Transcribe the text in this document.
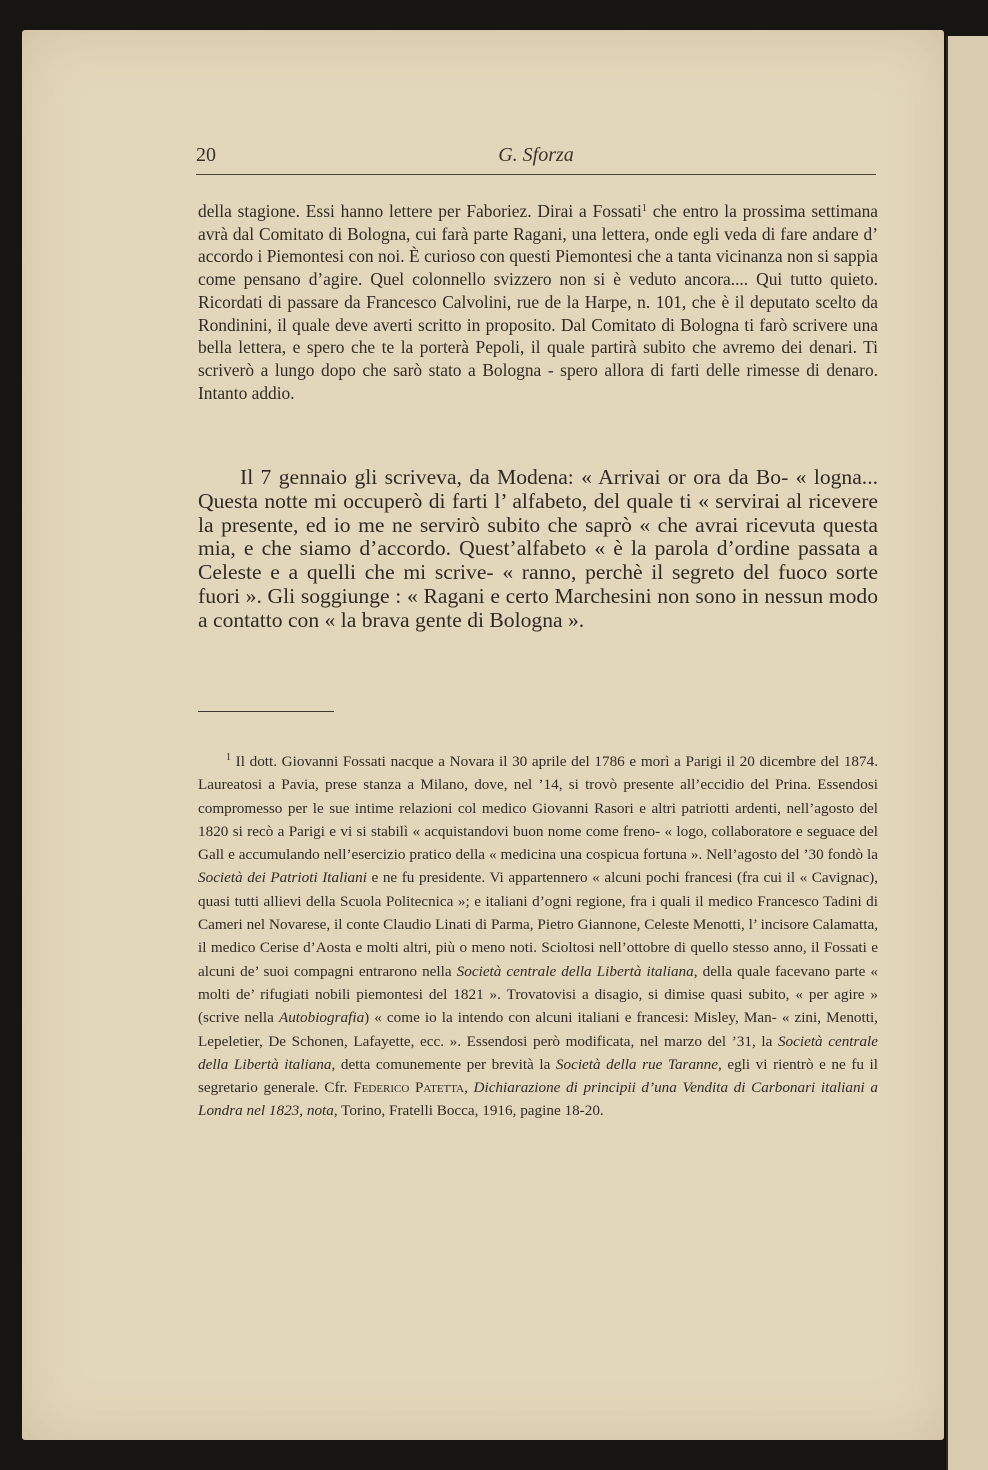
20	G. Sforza
della stagione. Essi hanno lettere per Faboriez. Dirai a Fossati$^1$ che entro la prossima settimana avrà dal Comitato di Bologna, cui farà parte Ragani, una lettera, onde egli veda di fare andare d’ accordo i Piemontesi con noi. È curioso con questi Piemontesi che a tanta vicinanza non si sappia come pensano d’agire. Quel colonnello svizzero non si è veduto ancora.... Qui tutto quieto. Ricordati di passare da Francesco Calvolini, rue de la Harpe, n. 101, che è il deputato scelto da Rondinini, il quale deve averti scritto in proposito. Dal Comitato di Bologna ti farò scrivere una bella lettera, e spero che te la porterà Pepoli, il quale partirà subito che avremo dei denari. Ti scriverò a lungo dopo che sarò stato a Bologna - spero allora di farti delle rimesse di denaro. Intanto addio.
Il 7 gennaio gli scriveva, da Modena: « Arrivai or ora da Bo- « logna... Questa notte mi occuperò di farti l’ alfabeto, del quale ti « servirai al ricevere la presente, ed io me ne servirò subito che saprò « che avrai ricevuta questa mia, e che siamo d’accordo. Quest’alfabeto « è la parola d’ordine passata a Celeste e a quelli che mi scrive- « ranno, perchè il segreto del fuoco sorte fuori ». Gli soggiunge : « Ragani e certo Marchesini non sono in nessun modo a contatto con « la brava gente di Bologna ».
$^1$ Il dott. Giovanni Fossati nacque a Novara il 30 aprile del 1786 e morì a Parigi il 20 dicembre del 1874. Laureatosi a Pavia, prese stanza a Milano, dove, nel ’14, si trovò presente all’eccidio del Prina. Essendosi compromesso per le sue intime relazioni col medico Giovanni Rasori e altri patriotti ardenti, nell’agosto del 1820 si recò a Parigi e vi si stabilì « acquistandovi buon nome come freno- « logo, collaboratore e seguace del Gall e accumulando nell’esercizio pratico della « medicina una cospicua fortuna ». Nell’agosto del ’30 fondò la Società dei Patrioti Italiani e ne fu presidente. Vi appartennero « alcuni pochi francesi (fra cui il « Cavignac), quasi tutti allievi della Scuola Politecnica »; e italiani d’ogni regione, fra i quali il medico Francesco Tadini di Cameri nel Novarese, il conte Claudio Linati di Parma, Pietro Giannone, Celeste Menotti, l’ incisore Calamatta, il medico Cerise d’Aosta e molti altri, più o meno noti. Scioltosi nell’ottobre di quello stesso anno, il Fossati e alcuni de’ suoi compagni entrarono nella Società centrale della Libertà italiana, della quale facevano parte « molti de’ rifugiati nobili piemontesi del 1821 ». Trovatovisi a disagio, si dimise quasi subito, « per agire » (scrive nella Autobiografia) « come io la intendo con alcuni italiani e francesi: Misley, Man- « zini, Menotti, Lepeletier, De Schonen, Lafayette, ecc. ». Essendosi però modificata, nel marzo del ’31, la Società centrale della Libertà italiana, detta comunemente per brevità la Società della rue Taranne, egli vi rientrò e ne fu il segretario generale. Cfr. Federico Patetta, Dichiarazione di principii d’una Vendita di Carbonari italiani a Londra nel 1823, nota, Torino, Fratelli Bocca, 1916, pagine 18-20.
